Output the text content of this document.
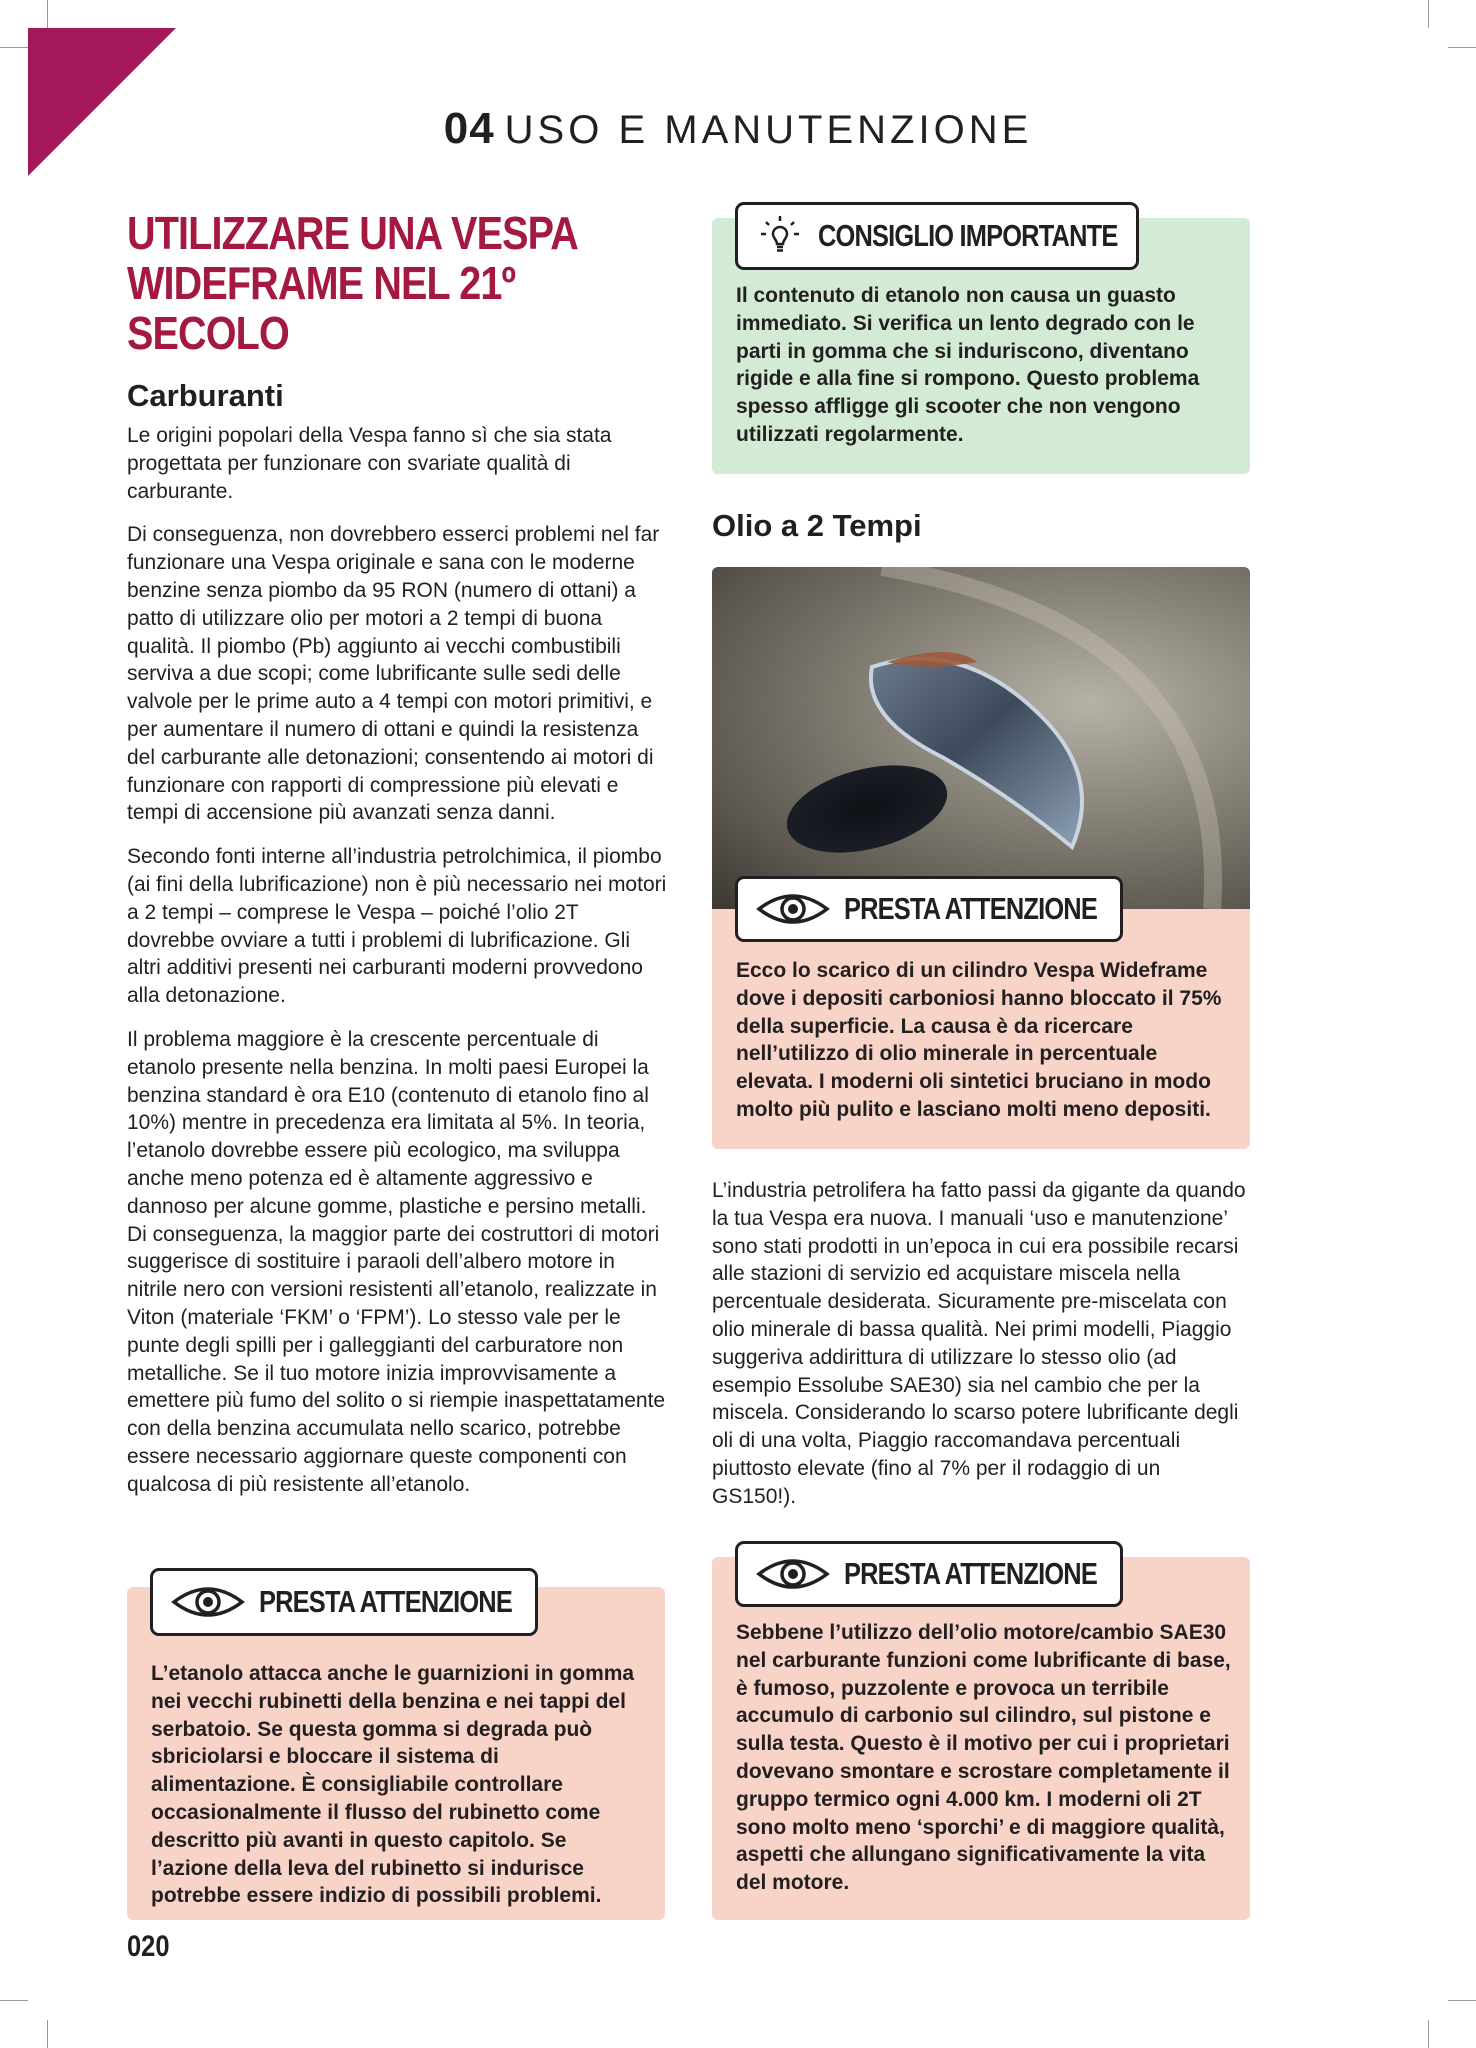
04 USO E MANUTENZIONE
UTILIZZARE UNA VESPA
WIDEFRAME NEL 21º SECOLO
Carburanti

Le origini popolari della Vespa fanno sì che sia stata progettata per funzionare con svariate qualità di carburante.

Di conseguenza, non dovrebbero esserci problemi nel far funzionare una Vespa originale e sana con le moderne benzine senza piombo da 95 RON (numero di ottani) a patto di utilizzare olio per motori a 2 tempi di buona qualità. Il piombo (Pb) aggiunto ai vecchi combustibili serviva a due scopi; come lubrificante sulle sedi delle valvole per le prime auto a 4 tempi con motori primitivi, e per aumentare il numero di ottani e quindi la resistenza del carburante alle detonazioni; consentendo ai motori di funzionare con rapporti di compressione più elevati e tempi di accensione più avanzati senza danni.

Secondo fonti interne all’industria petrolchimica, il piombo (ai fini della lubrificazione) non è più necessario nei motori a 2 tempi – comprese le Vespa – poiché l’olio 2T dovrebbe ovviare a tutti i problemi di lubrificazione. Gli altri additivi presenti nei carburanti moderni provvedono alla detonazione.

Il problema maggiore è la crescente percentuale di etanolo presente nella benzina. In molti paesi Europei la benzina standard è ora E10 (contenuto di etanolo fino al 10%) mentre in precedenza era limitata al 5%. In teoria, l’etanolo dovrebbe essere più ecologico, ma sviluppa anche meno potenza ed è altamente aggressivo e dannoso per alcune gomme, plastiche e persino metalli. Di conseguenza, la maggior parte dei costruttori di motori suggerisce di sostituire i paraoli dell’albero motore in nitrile nero con versioni resistenti all’etanolo, realizzate in Viton (materiale ‘FKM’ o ‘FPM’). Lo stesso vale per le punte degli spilli per i galleggianti del carburatore non metalliche. Se il tuo motore inizia improvvisamente a emettere più fumo del solito o si riempie inaspettatamente con della benzina accumulata nello scarico, potrebbe essere necessario aggiornare queste componenti con qualcosa di più resistente all’etanolo.

L’etanolo attacca anche le guarnizioni in gomma nei vecchi rubinetti della benzina e nei tappi del serbatoio. Se questa gomma si degrada può sbriciolarsi e bloccare il sistema di alimentazione. È consigliabile controllare occasionalmente il flusso del rubinetto come descritto più avanti in questo capitolo. Se l’azione della leva del rubinetto si indurisce potrebbe essere indizio di possibili problemi.

PRESTA ATTENZIONE

Il contenuto di etanolo non causa un guasto immediato. Si verifica un lento degrado con le parti in gomma che si induriscono, diventano rigide e alla fine si rompono. Questo problema spesso affligge gli scooter che non vengono utilizzati regolarmente.

CONSIGLIO IMPORTANTE
Olio a 2 Tempi

Ecco lo scarico di un cilindro Vespa Wideframe dove i depositi carboniosi hanno bloccato il 75% della superficie. La causa è da ricercare nell’utilizzo di olio minerale in percentuale elevata. I moderni oli sintetici bruciano in modo molto più pulito e lasciano molti meno depositi.

PRESTA ATTENZIONE

L’industria petrolifera ha fatto passi da gigante da quando la tua Vespa era nuova. I manuali ‘uso e manutenzione’ sono stati prodotti in un’epoca in cui era possibile recarsi alle stazioni di servizio ed acquistare miscela nella percentuale desiderata. Sicuramente pre-miscelata con olio minerale di bassa qualità. Nei primi modelli, Piaggio suggeriva addirittura di utilizzare lo stesso olio (ad esempio Essolube SAE30) sia nel cambio che per la miscela. Considerando lo scarso potere lubrificante degli oli di una volta, Piaggio raccomandava percentuali piuttosto elevate (fino al 7% per il rodaggio di un GS150!).

Sebbene l’utilizzo dell’olio motore/cambio SAE30 nel carburante funzioni come lubrificante di base, è fumoso, puzzolente e provoca un terribile accumulo di carbonio sul cilindro, sul pistone e sulla testa. Questo è il motivo per cui i proprietari dovevano smontare e scrostare completamente il gruppo termico ogni 4.000 km. I moderni oli 2T sono molto meno ‘sporchi’ e di maggiore qualità, aspetti che allungano significativamente la vita del motore.

PRESTA ATTENZIONE
020
